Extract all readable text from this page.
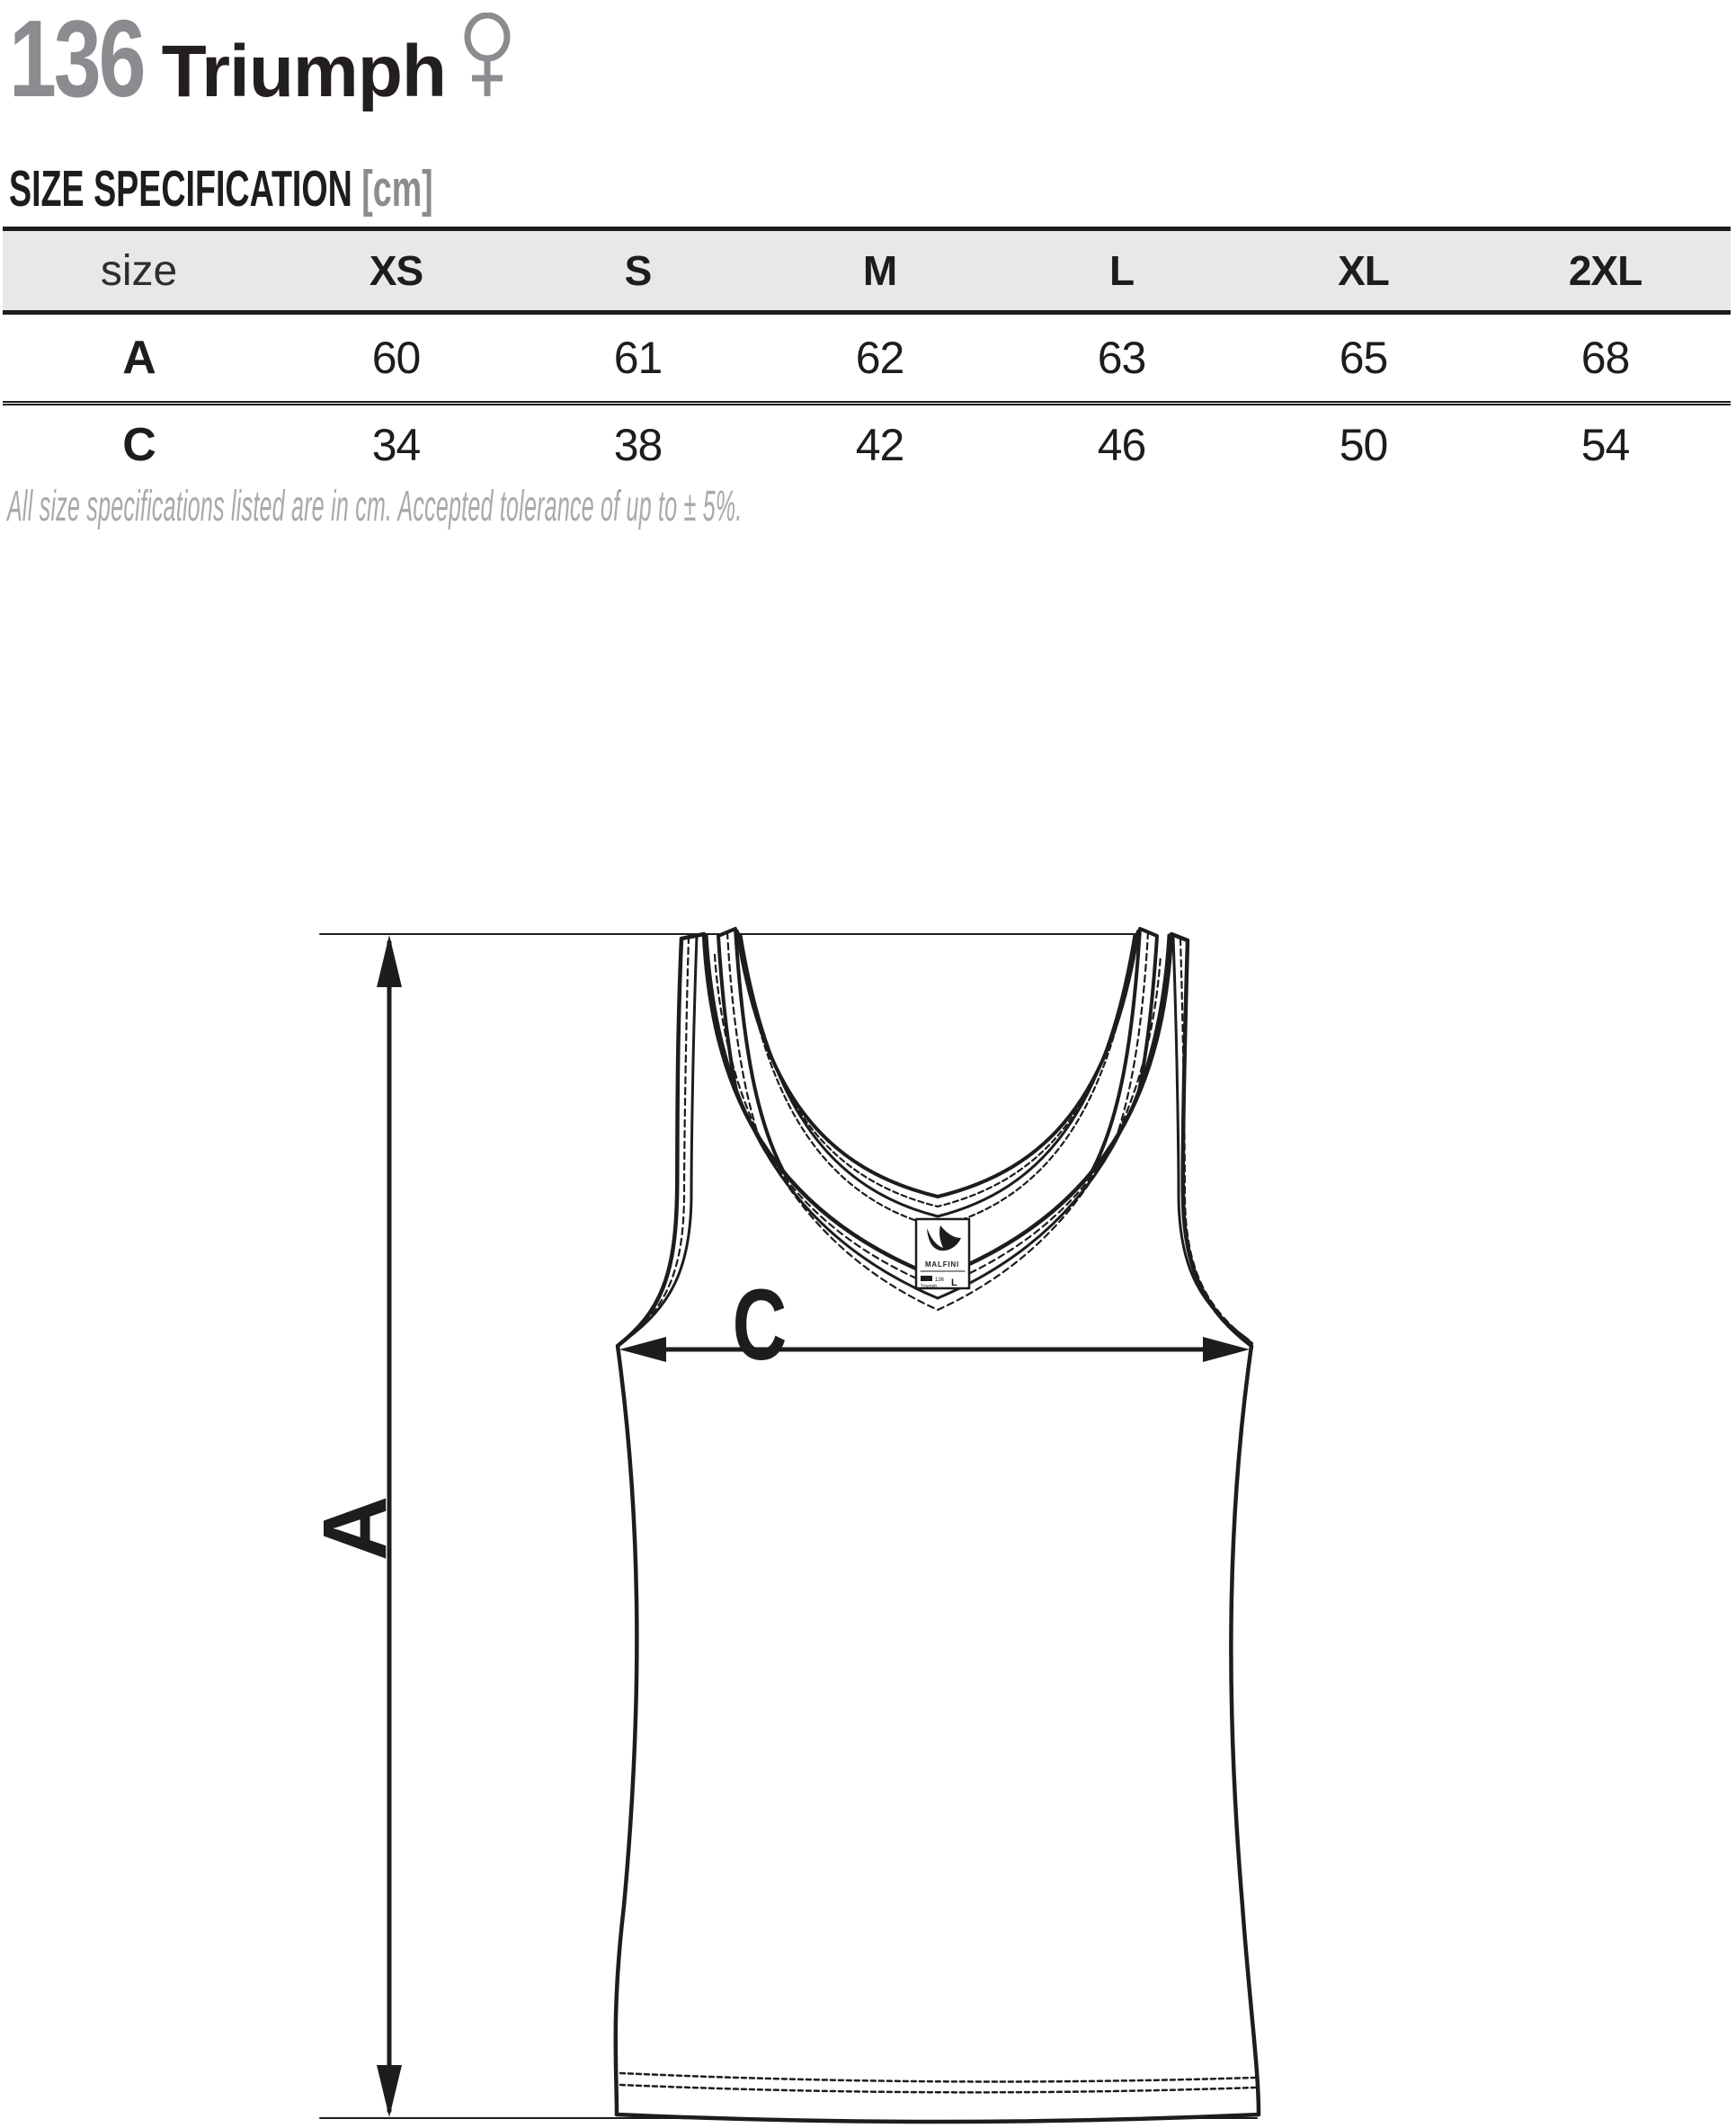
136 Triumph
SIZE SPECIFICATION [cm]
size	XS	S	M	L	XL	2XL
A	60	61	62	63	65	68
C	34	38	42	46	50	54
All size specifications listed are in cm. Accepted tolerance of up to ± 5%.
A
MALFINI
136
Triumph L
C
